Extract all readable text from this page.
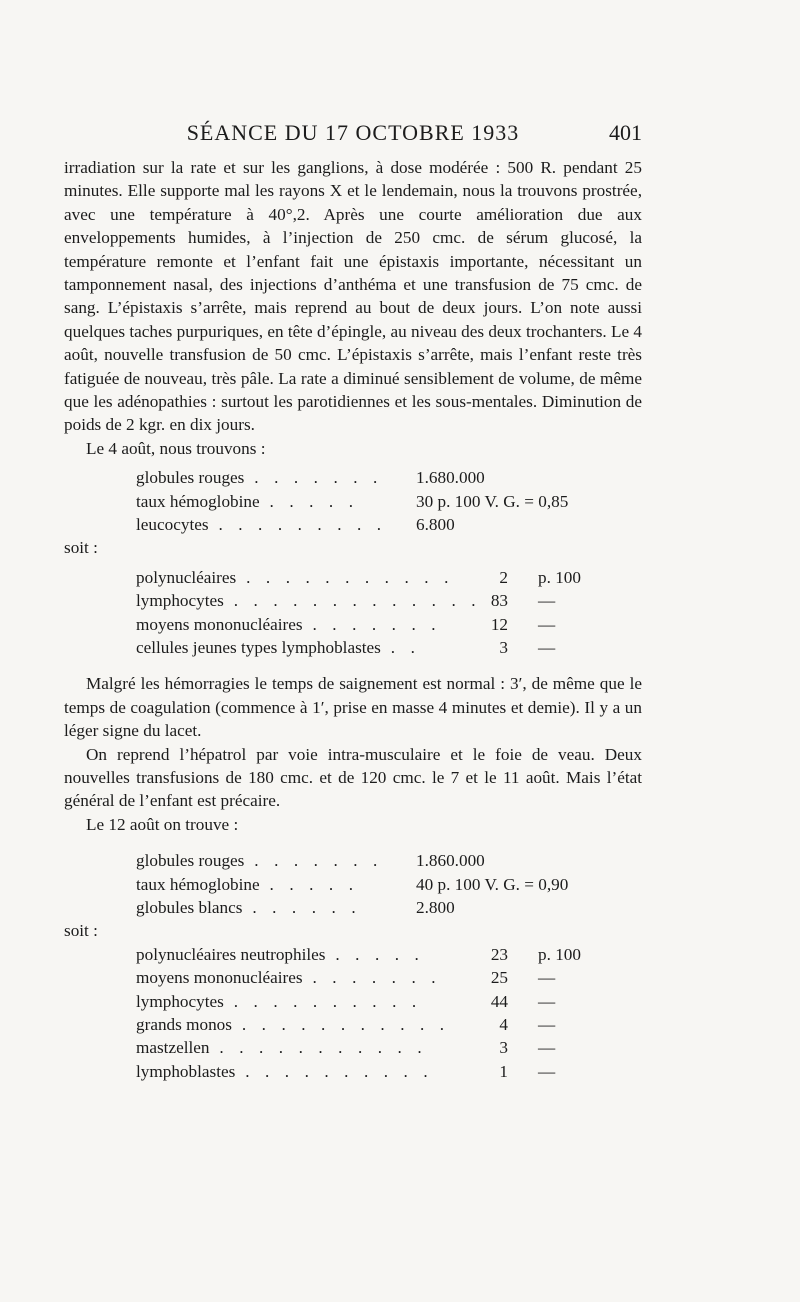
SÉANCE DU 17 OCTOBRE 1933	401

irradiation sur la rate et sur les ganglions, à dose modérée : 500 R. pendant 25 minutes. Elle supporte mal les rayons X et le lendemain, nous la trouvons prostrée, avec une température à 40°,2. Après une courte amélioration due aux enveloppements humides, à l’injection de 250 cmc. de sérum glucosé, la température remonte et l’enfant fait une épistaxis importante, nécessitant un tamponnement nasal, des injections d’anthéma et une transfusion de 75 cmc. de sang. L’épistaxis s’arrête, mais reprend au bout de deux jours. L’on note aussi quelques taches purpuriques, en tête d’épingle, au niveau des deux trochanters. Le 4 août, nouvelle transfusion de 50 cmc. L’épistaxis s’arrête, mais l’enfant reste très fatiguée de nouveau, très pâle. La rate a diminué sensiblement de volume, de même que les adénopathies : surtout les parotidiennes et les sous-mentales. Diminution de poids de 2 kgr. en dix jours.

Le 4 août, nous trouvons :

globules rouges . . . . . . . 1.680.000
taux hémoglobine . . . . .	30 p. 100 V. G. = 0,85
leucocytes . . . . . . . . . 6.800
soit :
polynucléaires . . . . . . . . . . .	2 p. 100
lymphocytes . . . . . . . . . . . . . 83 —
moyens mononucléaires . . . . . . .	12 —
cellules jeunes types lymphoblastes . .	3 —

Malgré les hémorragies le temps de saignement est normal : 3′, de même que le temps de coagulation (commence à 1′, prise en masse 4 minutes et demie). Il y a un léger signe du lacet.

On reprend l’hépatrol par voie intra-musculaire et le foie de veau. Deux nouvelles transfusions de 180 cmc. et de 120 cmc. le 7 et le 11 août. Mais l’état général de l’enfant est précaire.

Le 12 août on trouve :

globules rouges . . . . . . . 1.860.000
taux hémoglobine . . . . .	40 p. 100 V. G. = 0,90
globules blancs . . . . . .	2.800
soit :
polynucléaires neutrophiles . . . . .	23 p. 100
moyens mononucléaires . . . . . . .	25 —
lymphocytes . . . . . . . . . .	44 —
grands monos . . . . . . . . . . .	4 —
mastzellen . . . . . . . . . . .	3 —
lymphoblastes . . . . . . . . . .	1 —
